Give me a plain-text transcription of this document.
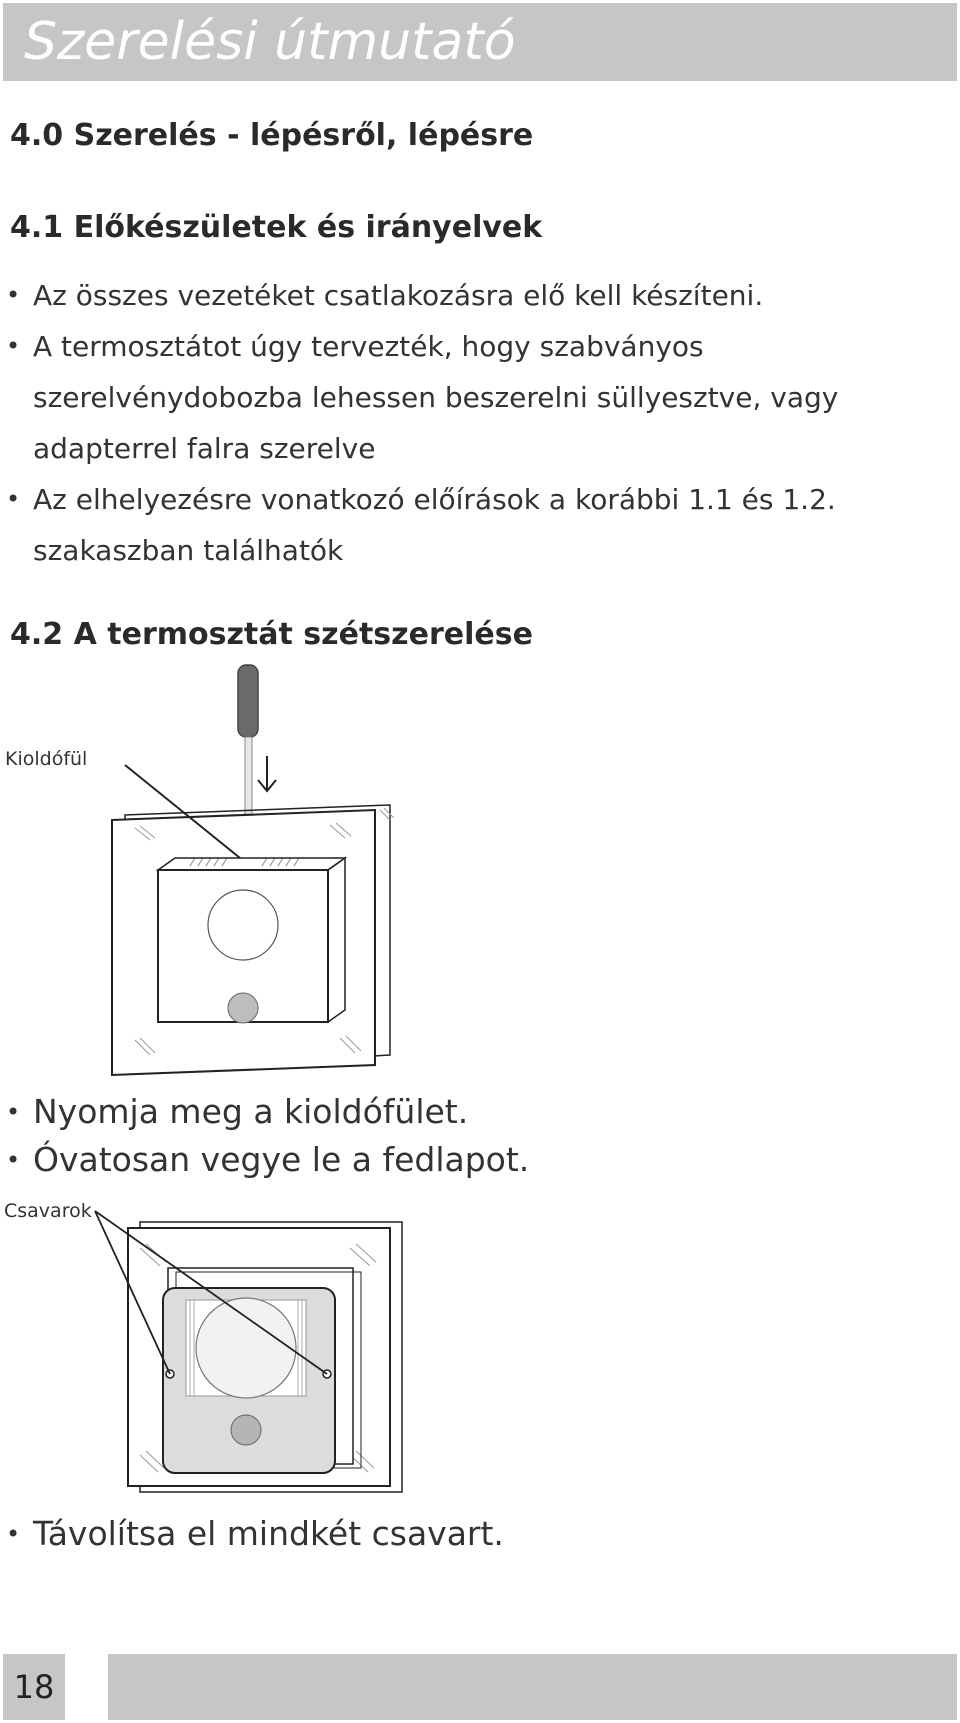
Szerelési útmutató
4.0 Szerelés - lépésről, lépésre
4.1 Előkészületek és irányelvek
• Az összes vezetéket csatlakozásra elő kell készíteni.
• A termosztátot úgy tervezték, hogy szabványos szerelvénydobozba lehessen beszerelni süllyesztve, vagy adapterrel falra szerelve
• Az elhelyezésre vonatkozó előírások a korábbi 1.1 és 1.2. szakaszban találhatók
4.2 A termosztát szétszerelése
Kioldófül
• Nyomja meg a kioldófület.
• Óvatosan vegye le a fedlapot.
Csavarok
• Távolítsa el mindkét csavart.
18
